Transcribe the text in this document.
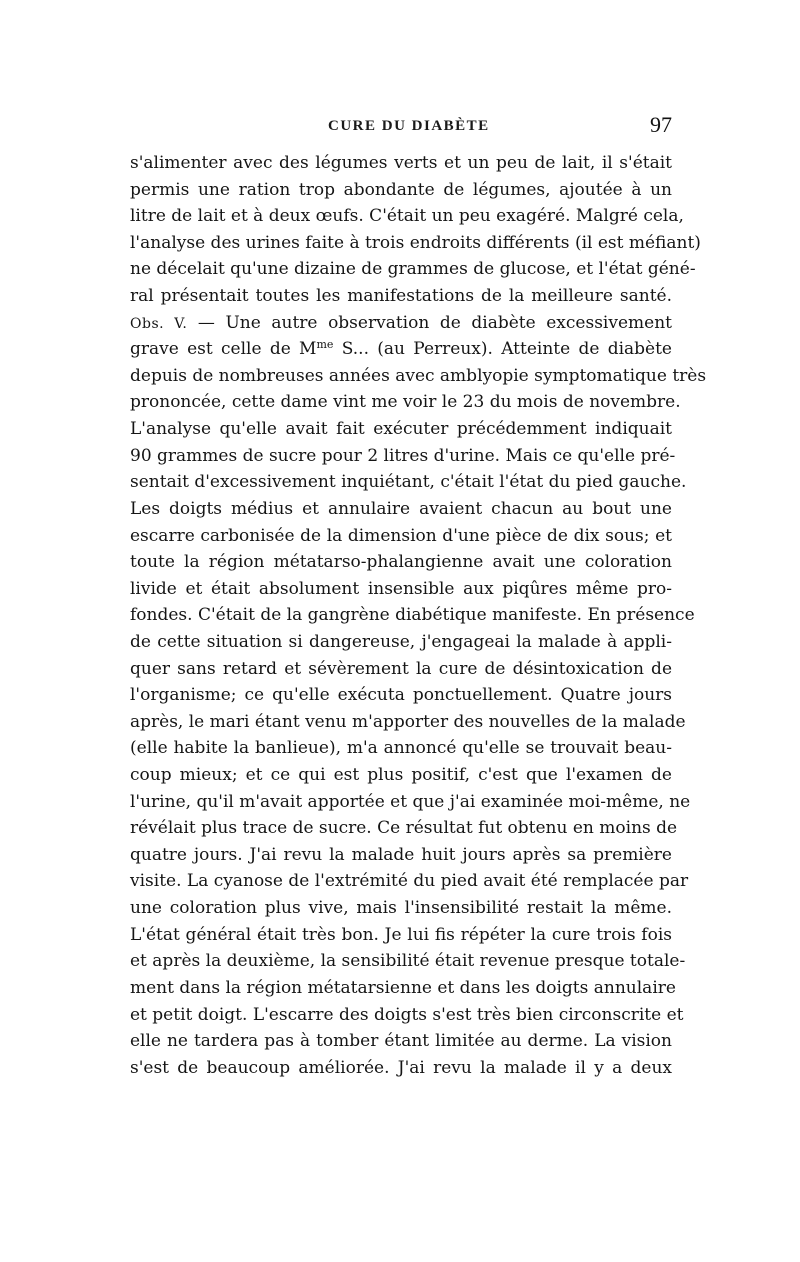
CURE DU DIABÈTE	97
s'alimenter avec des légumes verts et un peu de lait, il s'était
permis une ration trop abondante de légumes, ajoutée à un
litre de lait et à deux œufs. C'était un peu exagéré. Malgré cela,
l'analyse des urines faite à trois endroits différents (il est méfiant)
ne décelait qu'une dizaine de grammes de glucose, et l'état géné-
ral présentait toutes les manifestations de la meilleure santé.
Obs. V. — Une autre observation de diabète excessivement
grave est celle de $M^{me}$ S... (au Perreux). Atteinte de diabète
depuis de nombreuses années avec amblyopie symptomatique très
prononcée, cette dame vint me voir le 23 du mois de novembre.
L'analyse qu'elle avait fait exécuter précédemment indiquait
90 grammes de sucre pour 2 litres d'urine. Mais ce qu'elle pré-
sentait d'excessivement inquiétant, c'était l'état du pied gauche.
Les doigts médius et annulaire avaient chacun au bout une
escarre carbonisée de la dimension d'une pièce de dix sous; et
toute la région métatarso-phalangienne avait une coloration
livide et était absolument insensible aux piqûres même pro-
fondes. C'était de la gangrène diabétique manifeste. En présence
de cette situation si dangereuse, j'engageai la malade à appli-
quer sans retard et sévèrement la cure de désintoxication de
l'organisme; ce qu'elle exécuta ponctuellement. Quatre jours
après, le mari étant venu m'apporter des nouvelles de la malade
(elle habite la banlieue), m'a annoncé qu'elle se trouvait beau-
coup mieux; et ce qui est plus positif, c'est que l'examen de
l'urine, qu'il m'avait apportée et que j'ai examinée moi-même, ne
révélait plus trace de sucre. Ce résultat fut obtenu en moins de
quatre jours. J'ai revu la malade huit jours après sa première
visite. La cyanose de l'extrémité du pied avait été remplacée par
une coloration plus vive, mais l'insensibilité restait la même.
L'état général était très bon. Je lui fis répéter la cure trois fois
et après la deuxième, la sensibilité était revenue presque totale-
ment dans la région métatarsienne et dans les doigts annulaire
et petit doigt. L'escarre des doigts s'est très bien circonscrite et
elle ne tardera pas à tomber étant limitée au derme. La vision
s'est de beaucoup améliorée. J'ai revu la malade il y a deux
